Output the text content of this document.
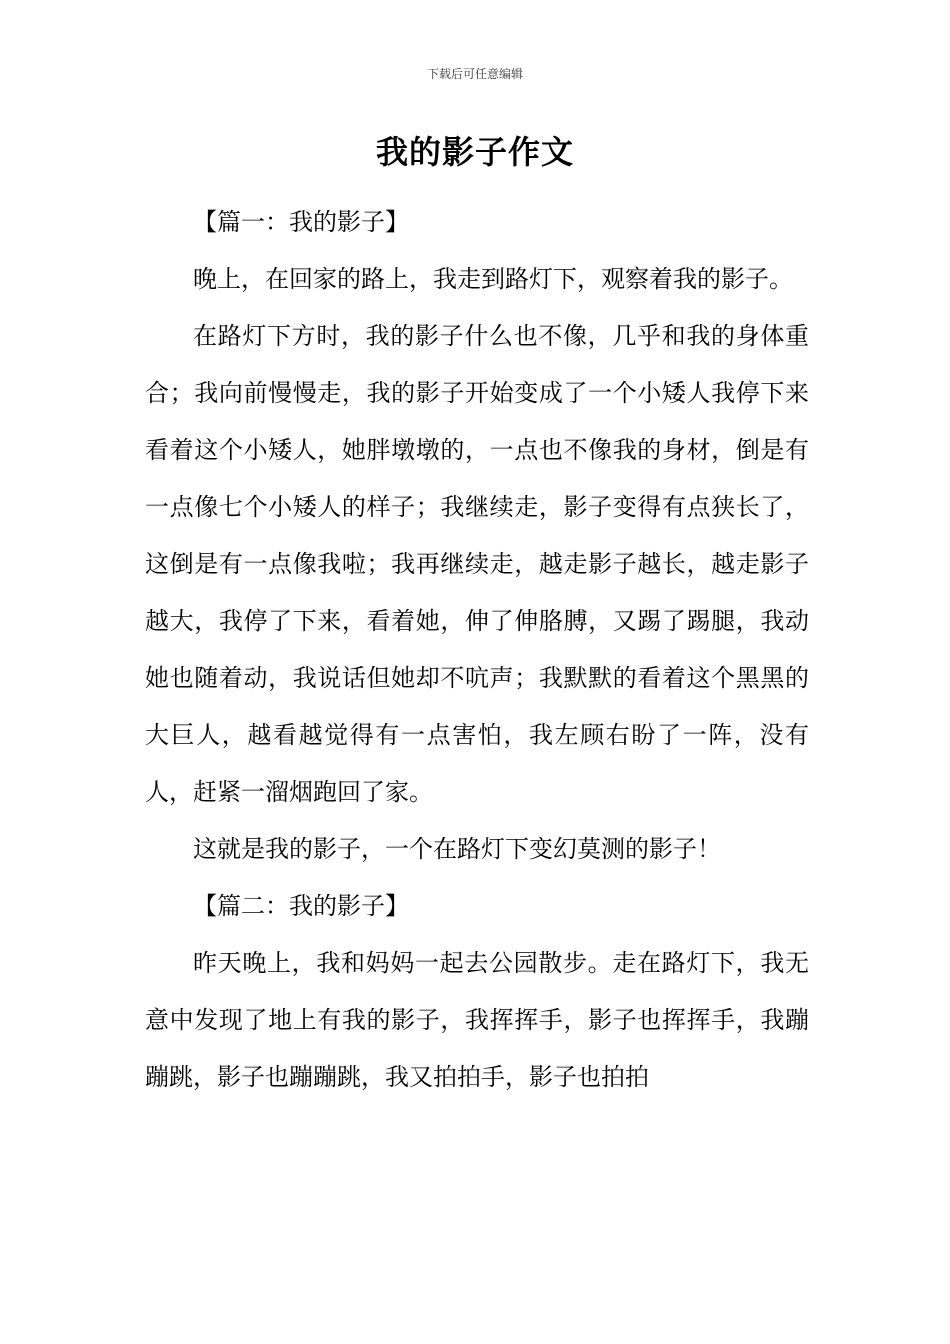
下载后可任意编辑
我的影子作文

【篇一：我的影子】

晚上，在回家的路上，我走到路灯下，观察着我的影子。

在路灯下方时，我的影子什么也不像，几乎和我的身体重合；我向前慢慢走，我的影子开始变成了一个小矮人我停下来看着这个小矮人，她胖墩墩的，一点也不像我的身材，倒是有一点像七个小矮人的样子；我继续走，影子变得有点狭长了，这倒是有一点像我啦；我再继续走，越走影子越长，越走影子越大，我停了下来，看着她，伸了伸胳膊，又踢了踢腿，我动她也随着动，我说话但她却不吭声；我默默的看着这个黑黑的大巨人，越看越觉得有一点害怕，我左顾右盼了一阵，没有人，赶紧一溜烟跑回了家。

这就是我的影子，一个在路灯下变幻莫测的影子！

【篇二：我的影子】

昨天晚上，我和妈妈一起去公园散步。走在路灯下，我无意中发现了地上有我的影子，我挥挥手，影子也挥挥手，我蹦蹦跳，影子也蹦蹦跳，我又拍拍手，影子也拍拍
